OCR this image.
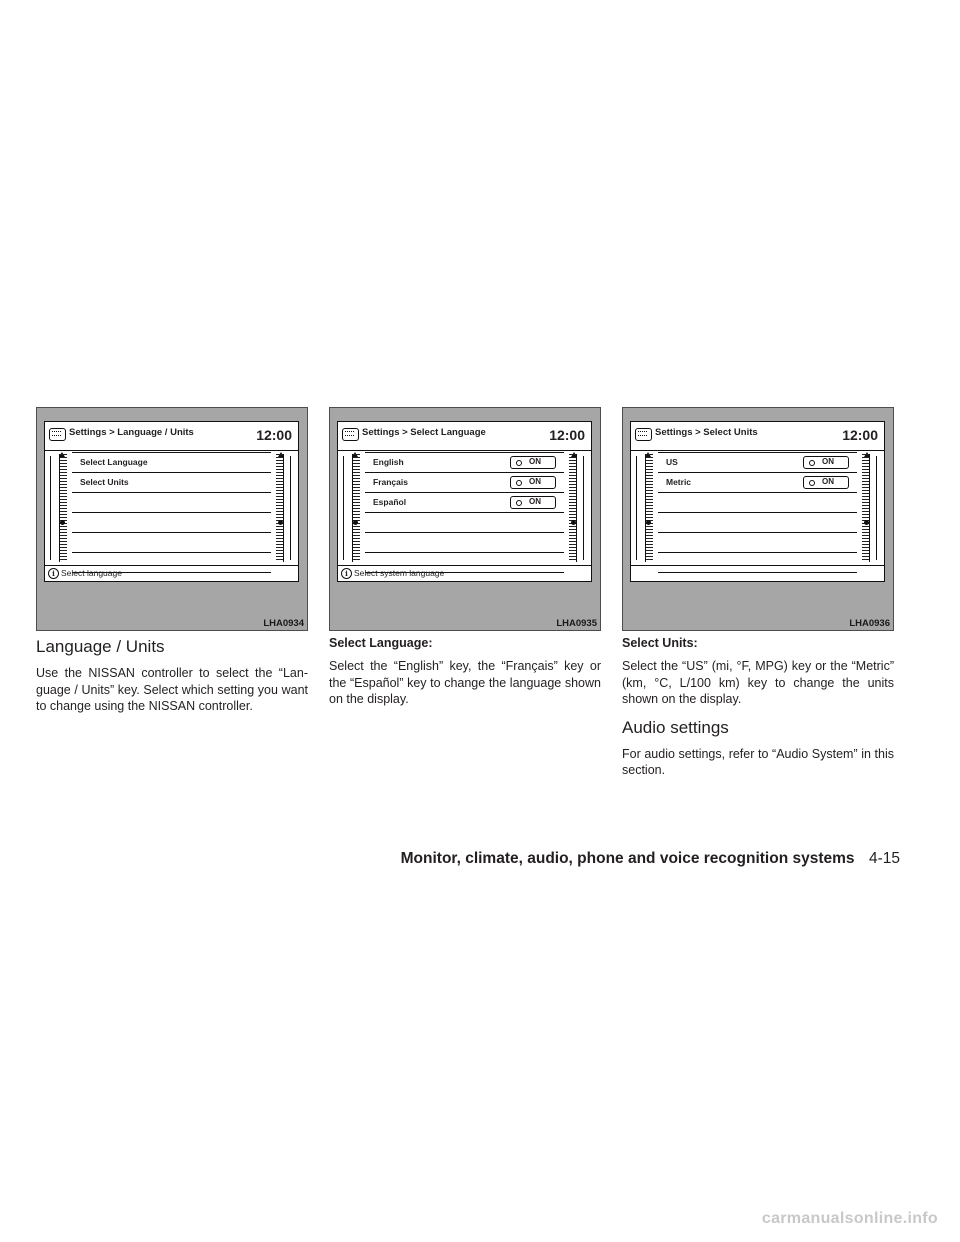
Settings > Language / Units	12:00
Select Language
Select Units
i Select language
LHA0934
Language / Units

Use the NISSAN controller to select the “Lan- guage / Units” key. Select which setting you want to change using the NISSAN controller.

Settings > Select Language	12:00
English	ON
Français	ON
Español	ON
i Select system language
LHA0935
Select Language:

Select the “English” key, the “Français” key or the “Español” key to change the language shown on the display.

Settings > Select Units	12:00
US	ON
Metric	ON
LHA0936
Select Units:

Select the “US” (mi, °F, MPG) key or the “Metric” (km, °C, L/100 km) key to change the units shown on the display.

Audio settings

For audio settings, refer to “Audio System” in this section.

Monitor, climate, audio, phone and voice recognition systems 4-15
carmanualsonline.info
